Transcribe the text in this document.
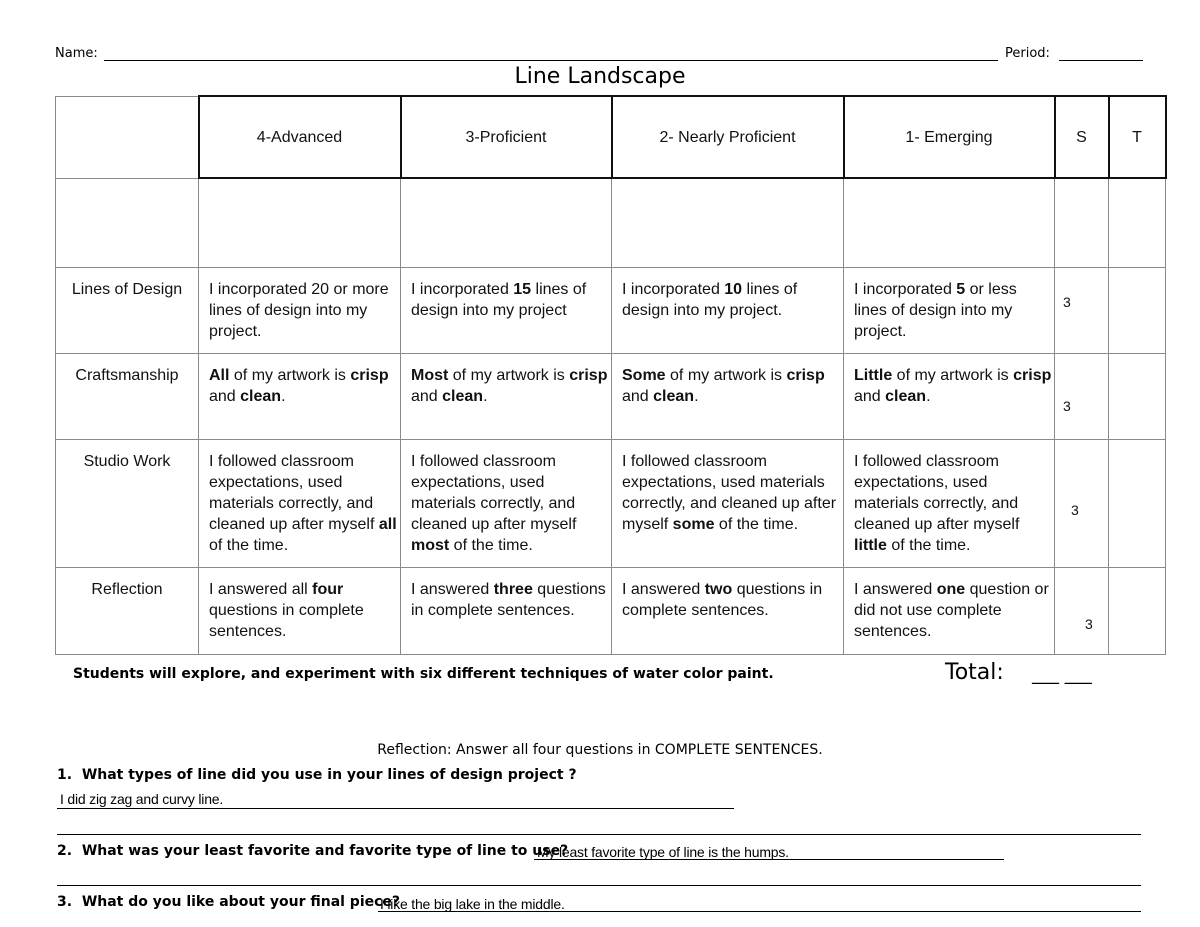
Name:	Period:
Line Landscape
	4-Advanced	3-Proficient	2- Nearly Proficient	1- Emerging	S	T

Lines of Design	I incorporated 20 or more lines of design into my project.	I incorporated 15 lines of design into my project	I incorporated 10 lines of design into my project.	I incorporated 5 or less lines of design into my project.	3	

Craftsmanship	All of my artwork is crisp and clean.	Most of my artwork is crisp and clean.	Some of my artwork is crisp and clean.	Little of my artwork is crisp and clean.	3	

Studio Work	I followed classroom expectations, used materials correctly, and cleaned up after myself all of the time.	I followed classroom expectations, used materials correctly, and cleaned up after myself most of the time.	I followed classroom expectations, used materials correctly, and cleaned up after myself some of the time.	I followed classroom expectations, used materials correctly, and cleaned up after myself little of the time.	3	

Reflection	I answered all four questions in complete sentences.	I answered three questions in complete sentences.	I answered two questions in complete sentences.	I answered one question or did not use complete sentences.	3	

Students will explore, and experiment with six different techniques of water color paint.	Total: ___ ___
Reflection: Answer all four questions in COMPLETE SENTENCES.
1. What types of line did you use in your lines of design project ?
I did zig zag and curvy line.
2. What was your least favorite and favorite type of line to use?
My least favorite type of line is the humps.
3. What do you like about your final piece?
I like the big lake in the middle.
